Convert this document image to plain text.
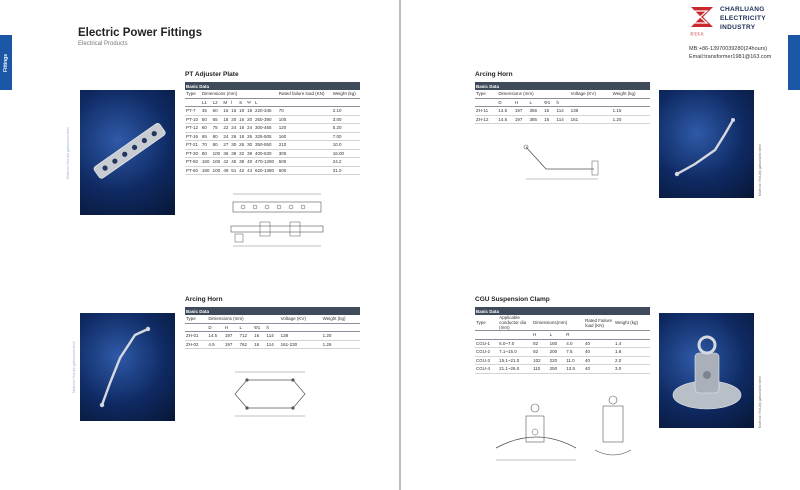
Fittings
Electric Power Fittings
Electrical Products
PT Adjuster Plate
Material: Hot-dip galvanized steel
Basic Data									
Type	Dimensions (mm)							Rated failure load (KN)	Weight (kg)
	L1	L2	M	l	S	Ψ	L		
PT-7	45	60	16	16	18	18	220-345	70	2.10
PT-10	50	65	18	20	16	20	250-390	100	3.00
PT-12	60	75	22	24	16	24	300-465	120	5.20
PT-16	65	80	24	26	18	26	325-505	160	7.00
PT-21	70	80	27	30	26	30	350-550	210	10.0
PT-30	80	100	36	39	32	39	400-630	300	16.00
PT-50	160	100	42	45	38	40	470-1280	500	24.2
PT-60	180	100	48	51	42	44	620-1380	600	31.0
Arcing Horn
Material: Hot-dip galvanized steel
Basic Data							
Type	Dimensions (mm)					Voltage (KV)	Weight (kg)
	D	H	L	Φ1	h		
ZH-01	14.5	197	712	16	114	138	1.20
ZH-02	4.5	197	762	16	114	161-230	1.26
CHARLUANG
ELECTRICITY
INDUSTRY
查龙实业
MB:+86-13970039280(24hours)
Email:transformer1981@163.com
Arcing Horn
Basic Data							
Type	Dimensions (mm)					Voltage (KV)	Weight (kg)
	D	H	L	Φ1	h		
ZH-11	14.5	197	356	16	114	138	1.15
ZH-12	14.5	197	385	16	114	161	1.20
Material: Hot-dip galvanized steel
CGU Suspension Clamp
Basic Data						
Type	Applicable conductor dia (mm)	Dimensions(mm)			Rated Failure load (KN)	Weight (kg)
		H	L	R		
CGU-1	5.0~7.0	82	180	4.0	40	1.4
CGU-2	7.1~15.0	82	200	7.5	40	1.8
CGU-3	15.1~21.0	102	220	11.0	40	2.0
CGU-4	21.1~26.0	110	250	13.5	40	3.0
Material: Hot-dip galvanized steel
